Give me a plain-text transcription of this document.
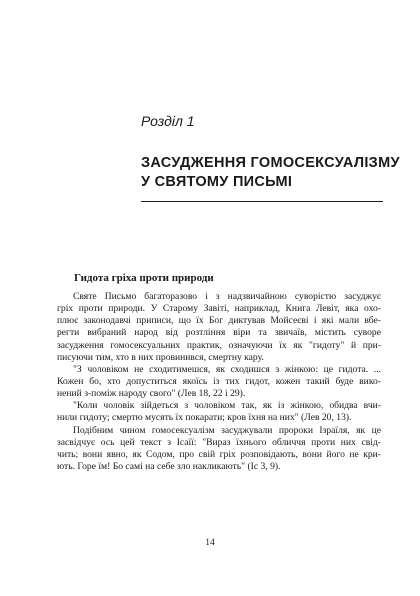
Розділ 1
ЗАСУДЖЕННЯ ГОМОСЕКСУАЛІЗМУ
У СВЯТОМУ ПИСЬМІ
Гидота гріха проти природи
Святе Письмо багаторазово і з надзвичайною суворістю засуджує
гріх проти природи. У Старому Завіті, наприклад, Книга Левіт, яка охо-
плює законодавчі приписи, що їх Бог диктував Мойсеєві і які мали вбе-
регти вибраний народ від розтління віри та звичаїв, містить суворе
засудження гомосексуальних практик, означуючи їх як "гидоту" й при-
писуючи тим, хто в них провинився, смертну кару.
"З чоловіком не сходитимешся, як сходишся з жінкою: це гидота. ...
Кожен бо, хто допуститься якоїсь із тих гидот, кожен такий буде вико-
нений з-поміж народу свого" (Лев 18, 22 і 29).
"Коли чоловік зійдеться з чоловіком так, як із жінкою, обидва вчи-
нили гидоту; смертю мусять їх покарати; кров їхня на них" (Лев 20, 13).
Подібним чином гомосексуалізм засуджували пророки Ізраїля, як це
засвідчує ось цей текст з Ісаїї: "Вираз їхнього обличчя проти них свід-
чить; вони явно, як Содом, про свій гріх розповідають, вони його не кри-
ють. Горе їм! Бо самі на себе зло накликають" (Іс 3, 9).
14
